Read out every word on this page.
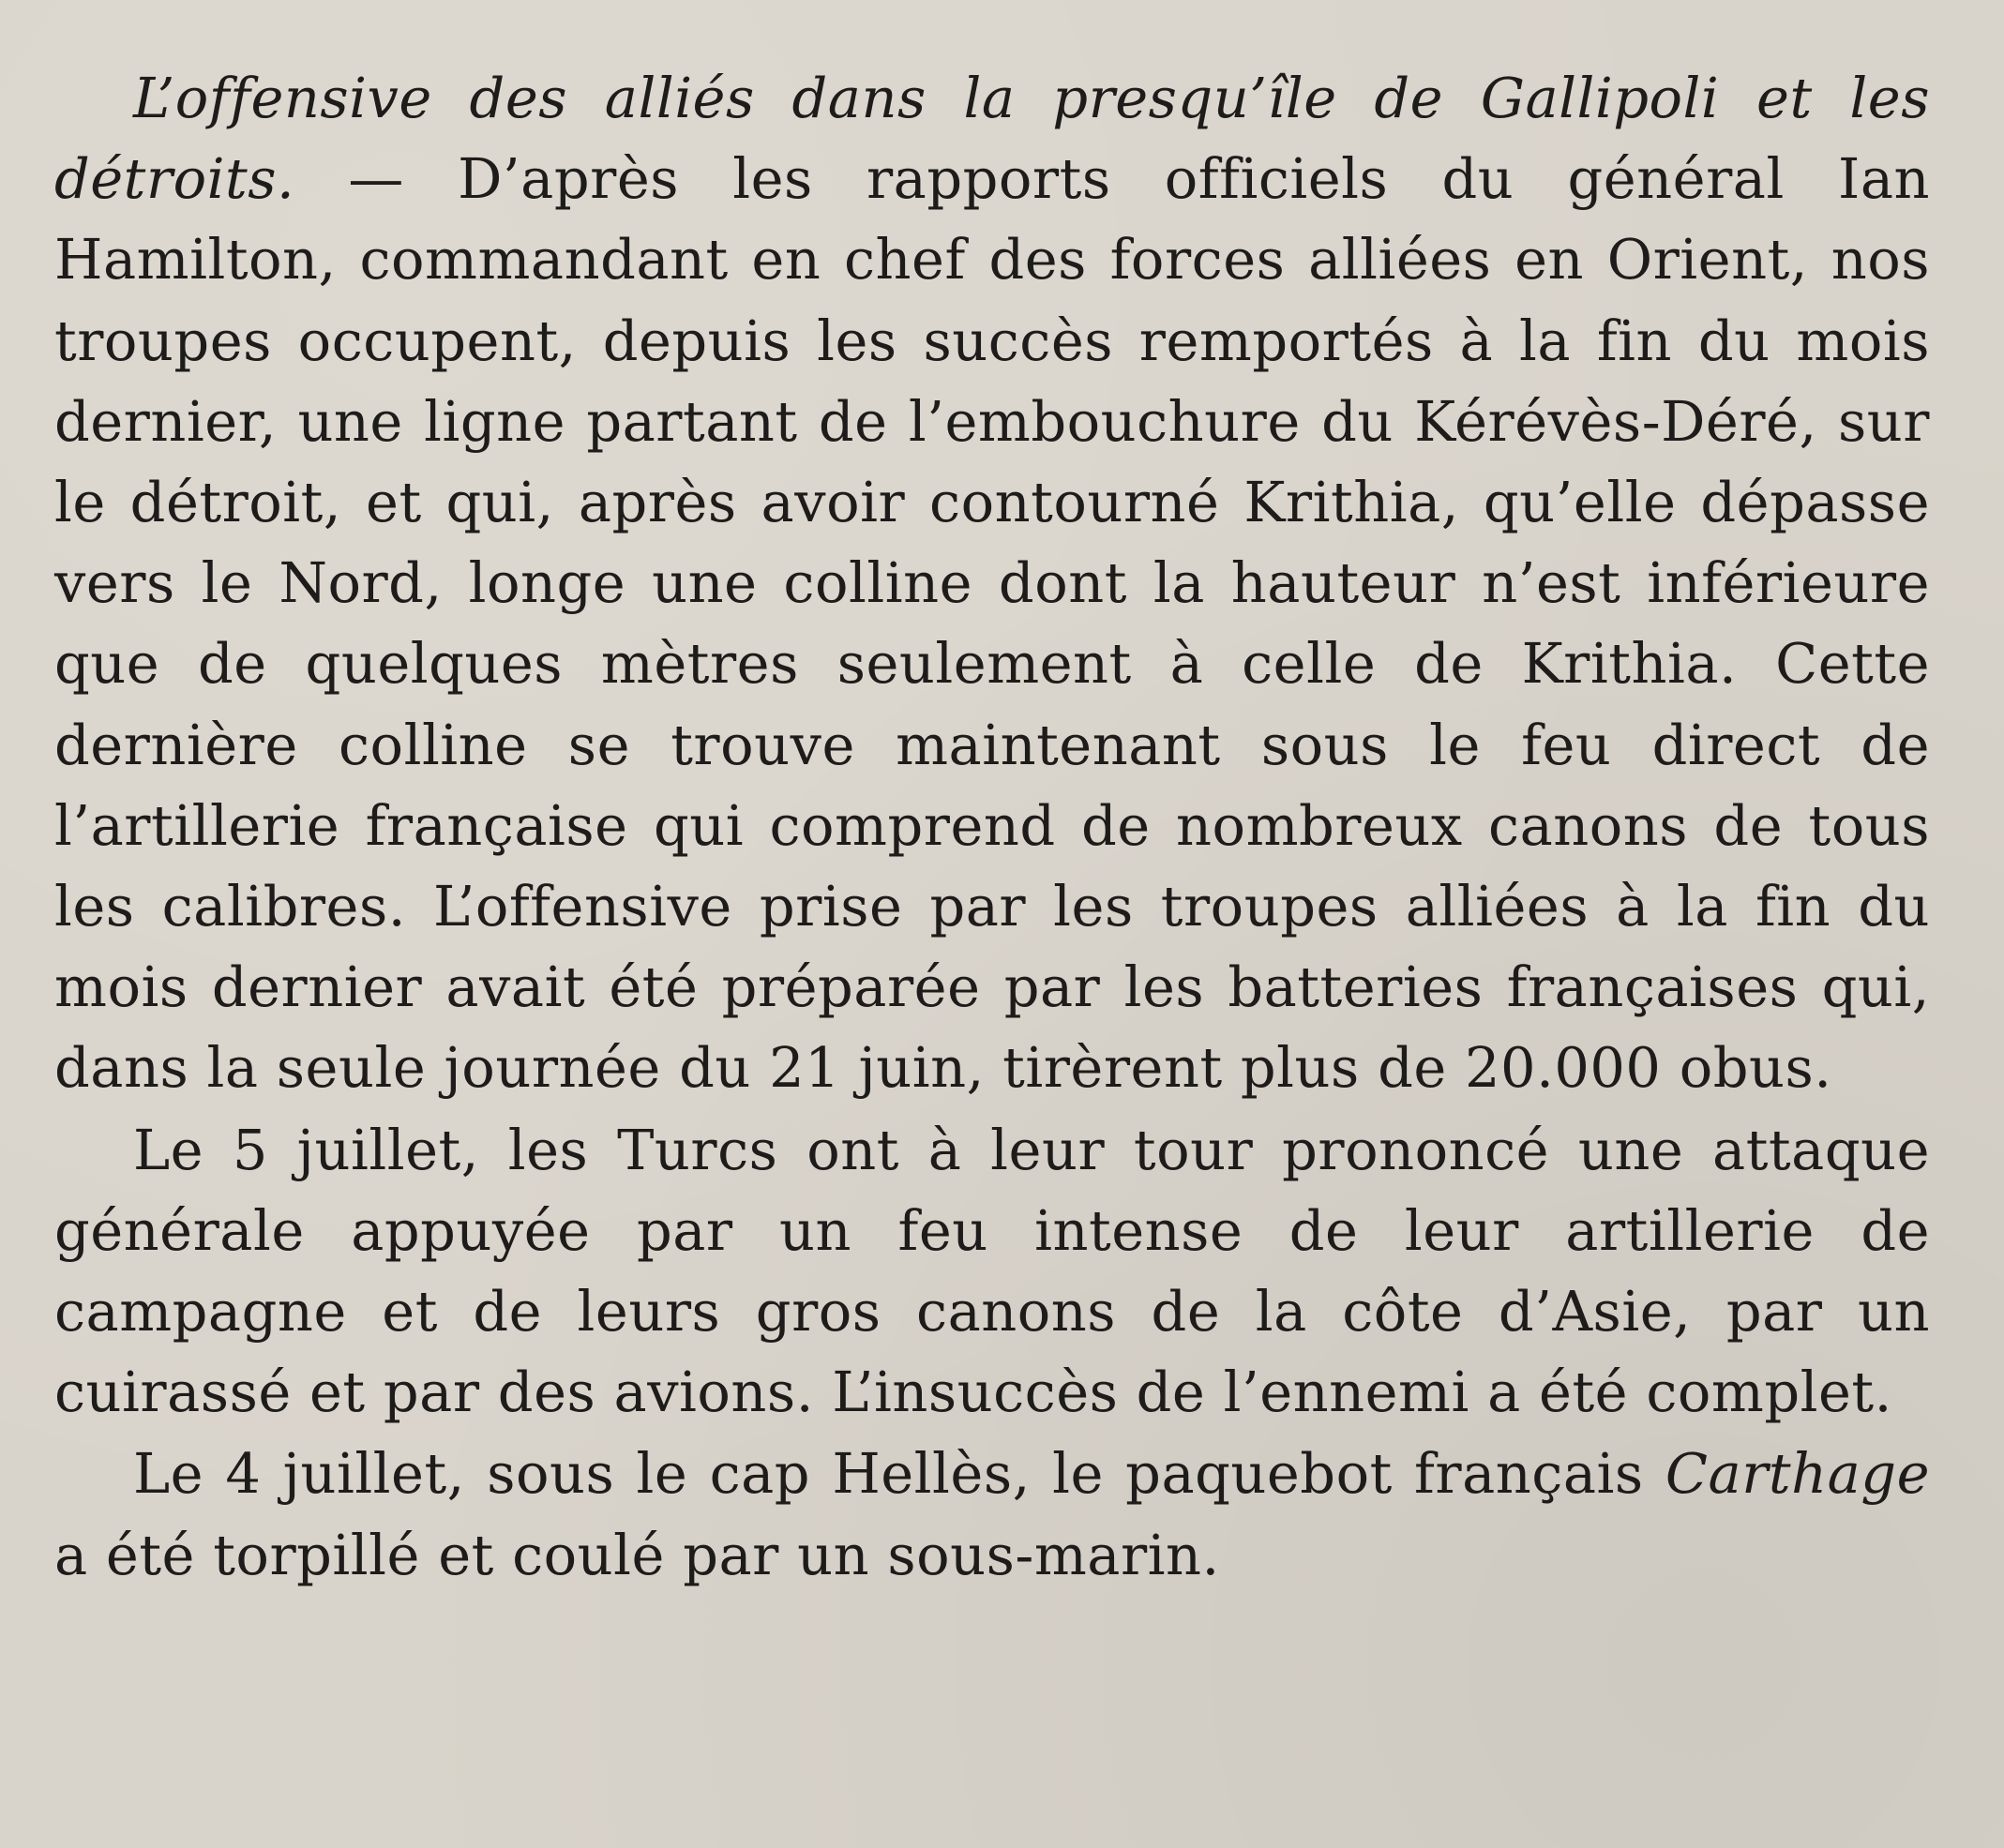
L’offensive des alliés dans la presqu’île de Gallipoli et les détroits. — D’après les rapports officiels du général Ian Hamilton, commandant en chef des forces alliées en Orient, nos troupes occupent, depuis les succès remportés à la fin du mois dernier, une ligne partant de l’embouchure du Kérévès-Déré, sur le détroit, et qui, après avoir contourné Krithia, qu’elle dépasse vers le Nord, longe une colline dont la hauteur n’est inférieure que de quelques mètres seulement à celle de Krithia. Cette dernière colline se trouve maintenant sous le feu direct de l’artillerie française qui comprend de nombreux canons de tous les calibres. L’offensive prise par les troupes alliées à la fin du mois dernier avait été préparée par les batteries françaises qui, dans la seule journée du 21 juin, tirèrent plus de 20.000 obus.

Le 5 juillet, les Turcs ont à leur tour prononcé une attaque générale appuyée par un feu intense de leur artillerie de campagne et de leurs gros canons de la côte d’Asie, par un cuirassé et par des avions. L’insuccès de l’ennemi a été complet.

Le 4 juillet, sous le cap Hellès, le paquebot français Carthage a été torpillé et coulé par un sous-marin.
